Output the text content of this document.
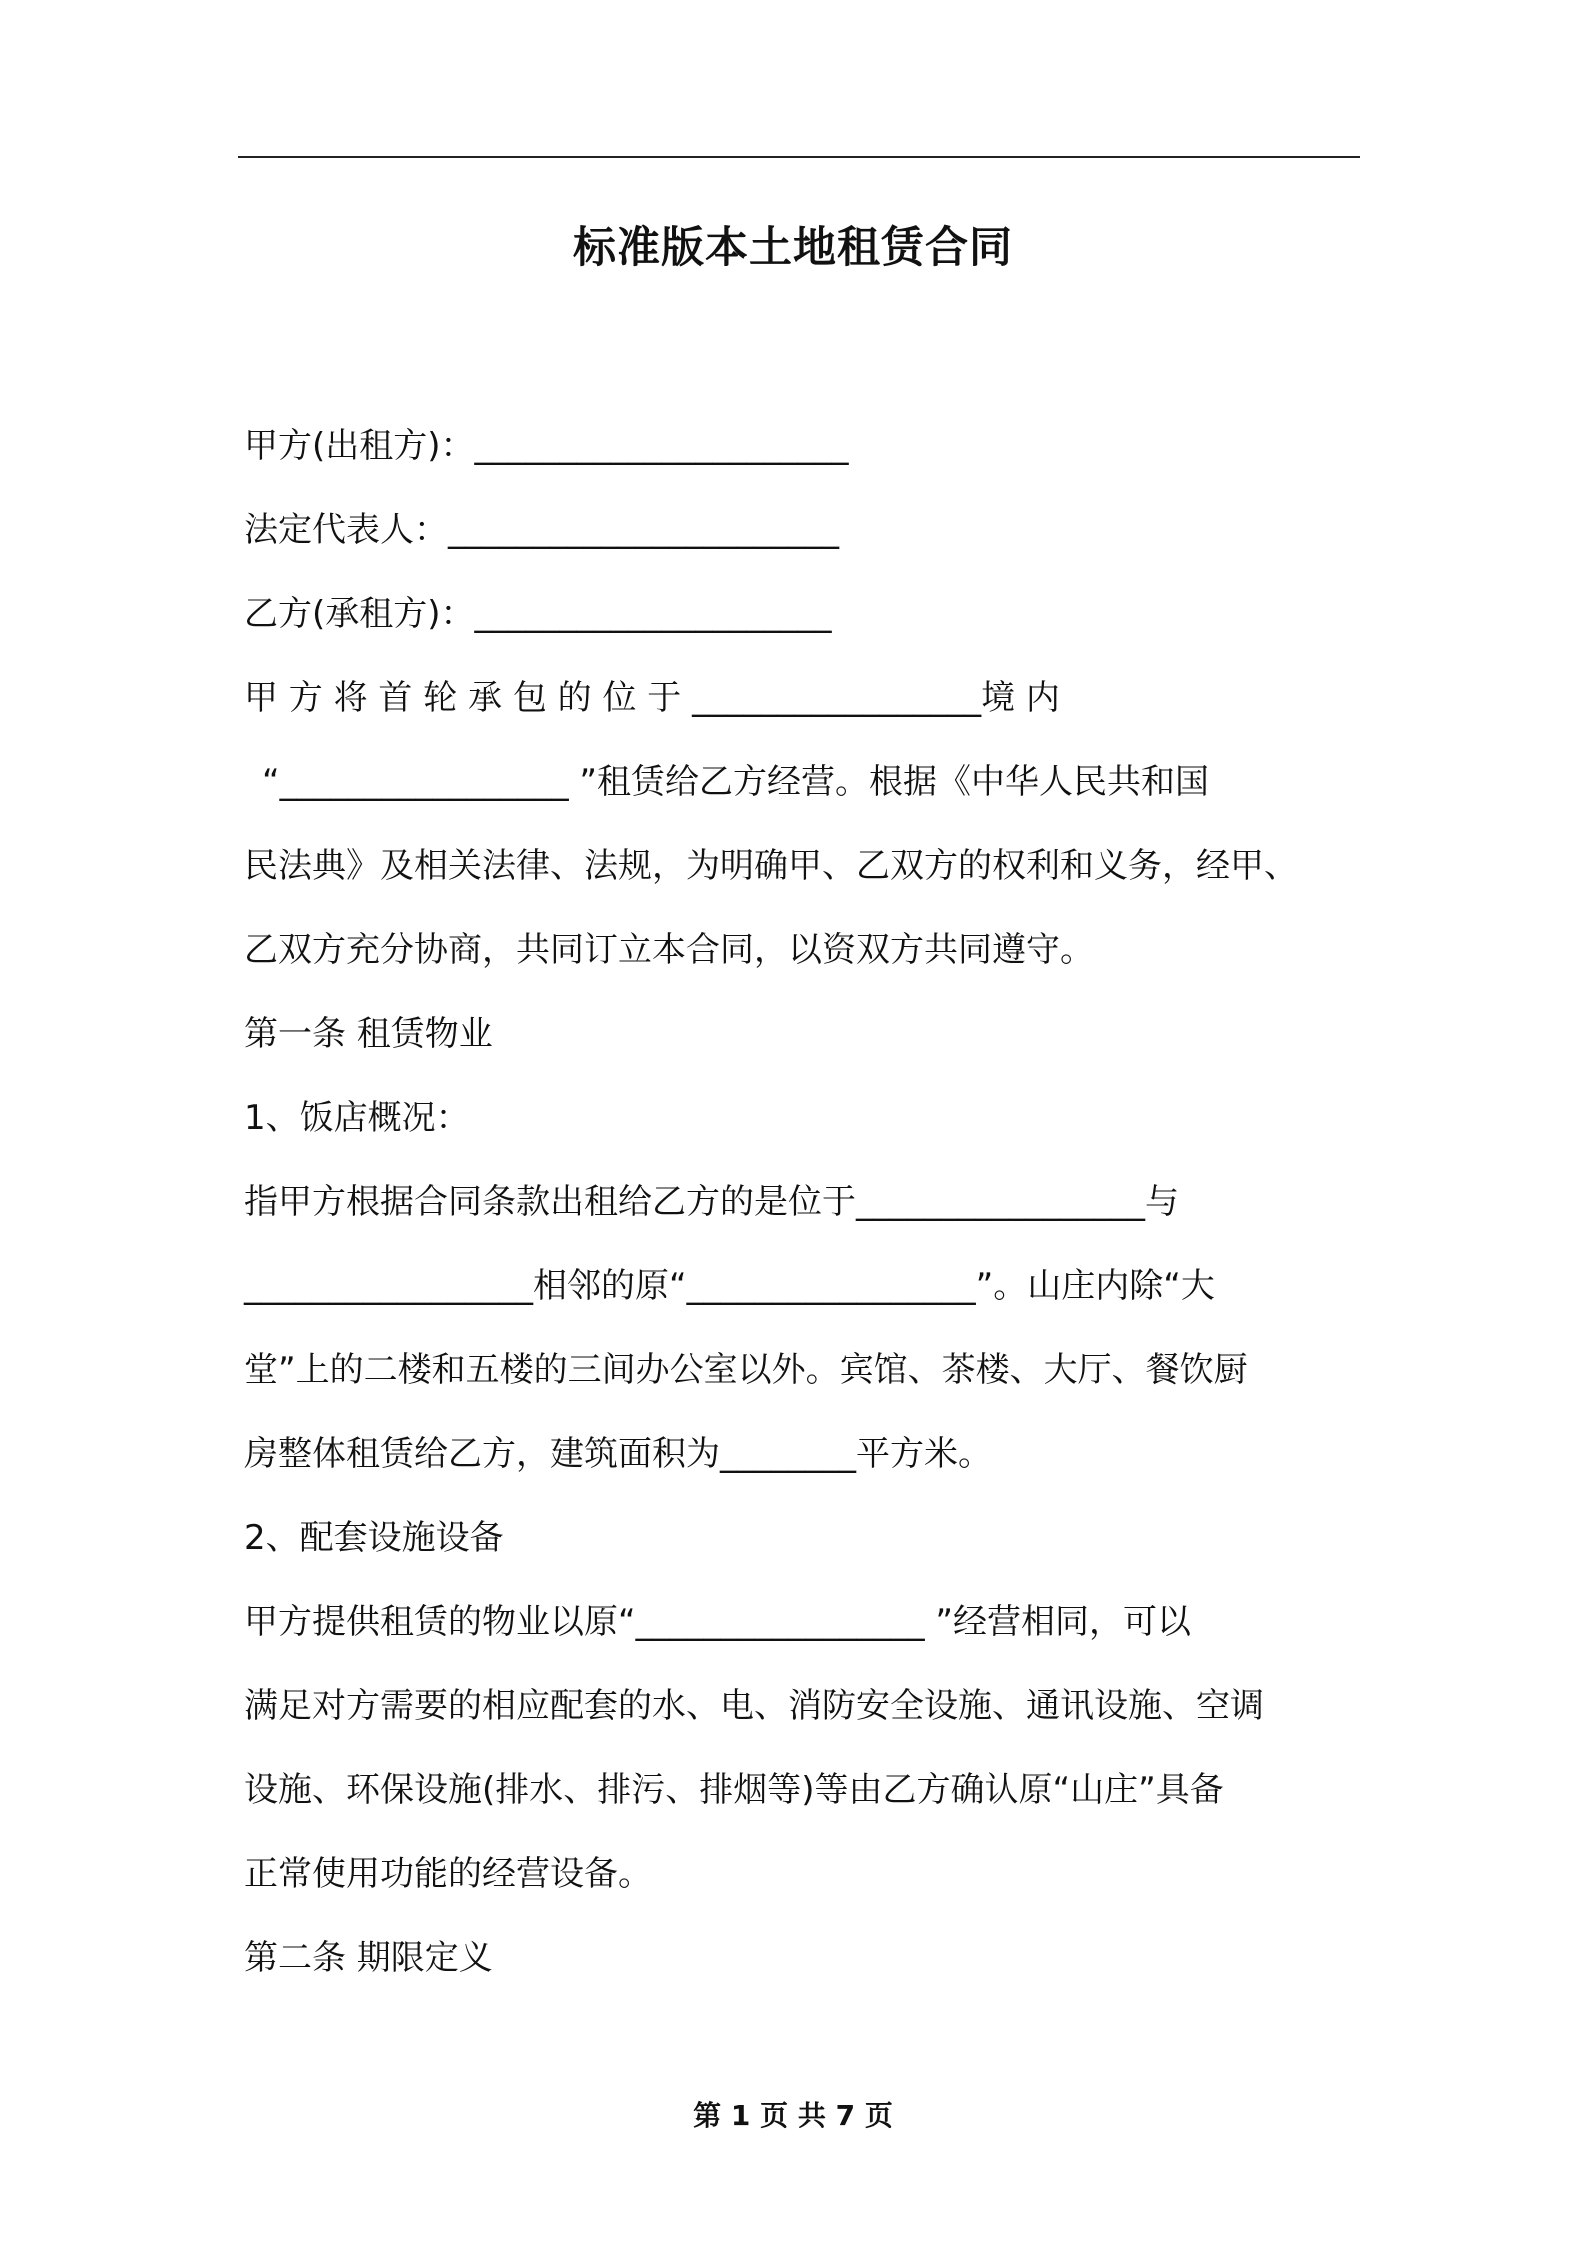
标准版本土地租赁合同
甲方(出租方)：______________________
法定代表人：_______________________
乙方(承租方)：_____________________
甲 方 将 首 轮 承 包 的 位 于 _________________境 内
“_________________ ”租赁给乙方经营。根据《中华人民共和国
民法典》及相关法律、法规，为明确甲、乙双方的权利和义务，经甲、
乙双方充分协商，共同订立本合同，以资双方共同遵守。
第一条 租赁物业
1、饭店概况：
指甲方根据合同条款出租给乙方的是位于_________________与
_________________相邻的原“_________________”。山庄内除“大
堂”上的二楼和五楼的三间办公室以外。宾馆、茶楼、大厅、餐饮厨
房整体租赁给乙方，建筑面积为________平方米。
2、配套设施设备
甲方提供租赁的物业以原“_________________ ”经营相同，可以
满足对方需要的相应配套的水、电、消防安全设施、通讯设施、空调
设施、环保设施(排水、排污、排烟等)等由乙方确认原“山庄”具备
正常使用功能的经营设备。
第二条 期限定义
第 1 页 共 7 页
